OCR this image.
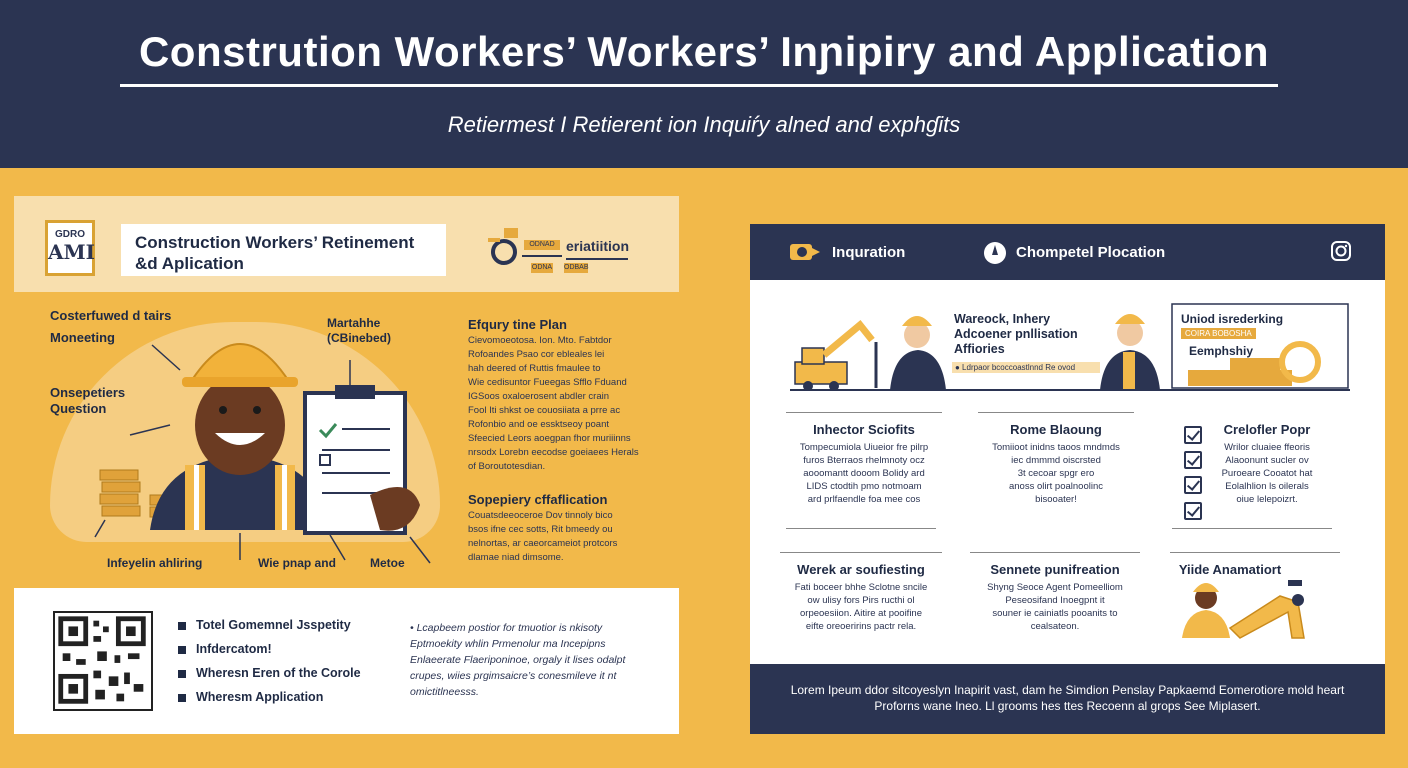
Constrution Workers’ Workers’ Inɲipiry and Application
Retiermest I Retierent ion Inquiŕy alned and exphɠits
GDRO
AMI	Construction Workers’ Retinement &d Aplication
ODNAD
ODNA ODBAB
eriatiition
Costerfuwed d tairs
Moneeting
Onsepetiers
Question
Martahhe
(CBinebed)
Infeyelin ahliring	Wie pnap and	Metoe
Efqury tine Plan
Cievomoeotosa. Ion. Mto. Fabtdor
Rofoandes Psao cor ebleales lei
hah deered of Ruttis fmaulee to
Wie cedisuntor Fueegas Sfflo Fduand
IGSoos oxaloerosent abdler crain
Fool Iti shkst oe couosiiata a prre ac
Rofonbio and oe essktseoy poant
Sfeecied Leors aoegpan fhor muriiinns
nrsodx Lorebn eecodse goeiaees Herals
of Boroutotesdian.
Sopepiery cffaflication
Couatsdeeoceroe Dov tinnoly bico
bsos ifne cec sotts, Rit bmeedy ou
nelnortas, ar caeorcameiot protcors
dlamae niad dimsome.
Totel Gomemnel Jsspetity
Infdercatom!
Wheresn Eren of the Corole
Wheresm Application
• Lcapbeem postior for tmuotior is nkisoty
Eptmoekity whlin Prmenolur ma Incepipns
Enlaeerate Flaeriponinoe, orgaly it lises odalpt
crupes, wiies prgimsaicre’s conesmileve it nt
omictitlneesss.
Inquration	Chompetel Plocation
Wareock, Inhery
Adcoener pnllisation
Affiories
● Ldrpaor bcoccoastlnnd Re ovod
Uniod isrederking
COIRA BOBOSHA
Eemphshiy
Inhector Sciofits
Tompecumiola Uiueior fre pilrp
furos Bterraos rhelmnoty ocz
aooomantt dooom Bolidy ard
LIDS ctodtih pmo notmoam
ard prlfaendle foa mee cos
Rome Blaoung
Tomiioot inidns taoos mndmds
iec dmmmd oiscrsted
3t cecoar spgr ero
anoss olirt poalnoolinc
bisooater!
Crelofler Popr
Wrilor cluaiee ffeoris
Alaoonunt sucler ov
Puroeare Cooatot hat
Eolalhlion ls oilerals
oiue lelepoizrt.
Werek ar soufiesting
Fati boceer bhhe Sclotne sncile
ow ulisy fors Pirs ructhi ol
orpeoesiion. Aitire at pooifine
eifte oreoeririns pactr rela.
Sennete punifreation
Shyng Seoce Agent Pomeelliom
Peseosifand Inoegpnt it
souner ie cainiatls pooanits to
cealsateon.
Yiide Anamatiort
Lorem Ipeum ddor sitcoyeslyn Inapirit vast, dam he Simdion Penslay Papkaemd Eomerotiore mold heart Proforns wane Ineo. Ll grooms hes ttes Recoenn al grops See Miplasert.
